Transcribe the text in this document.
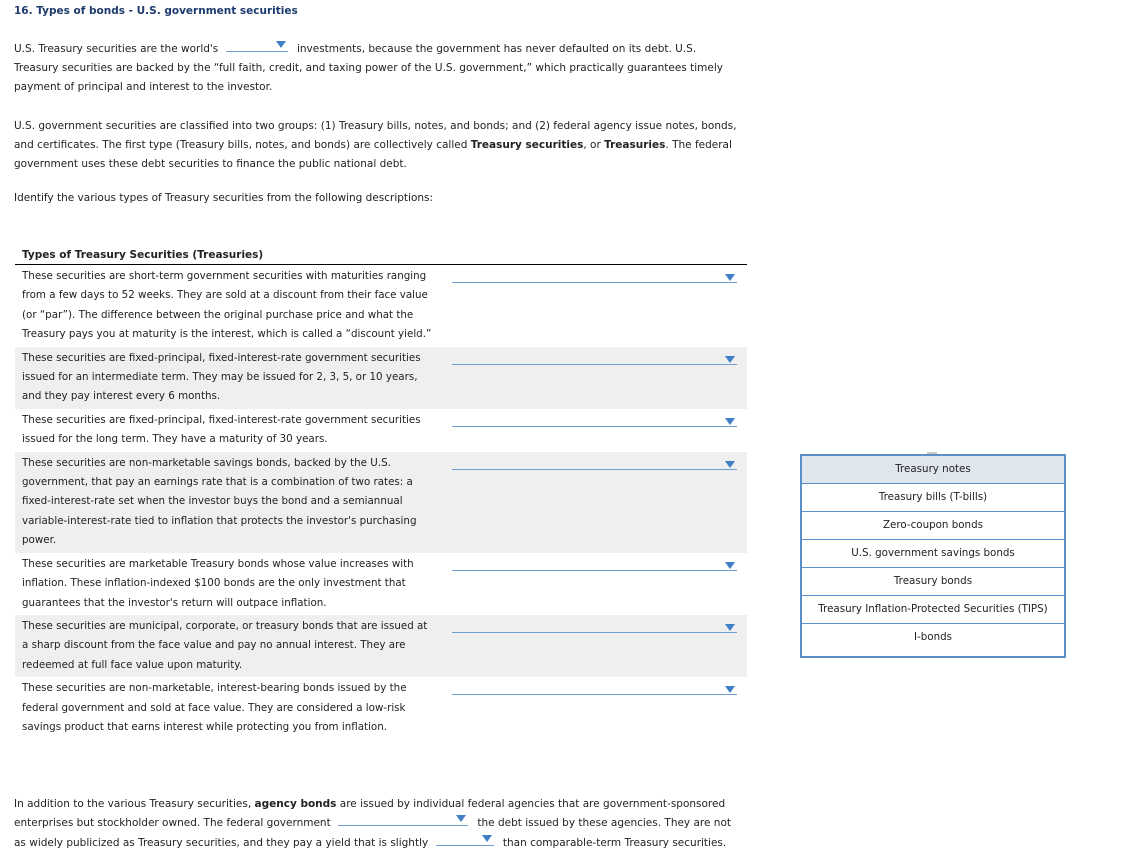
16. Types of bonds - U.S. government securities

U.S. Treasury securities are the world's	investments, because the government has never defaulted on its debt. U.S. Treasury securities are backed by the “full faith, credit, and taxing power of the U.S. government,” which practically guarantees timely payment of principal and interest to the investor.

U.S. government securities are classified into two groups: (1) Treasury bills, notes, and bonds; and (2) federal agency issue notes, bonds, and certificates. The first type (Treasury bills, notes, and bonds) are collectively called Treasury securities, or Treasuries. The federal government uses these debt securities to finance the public national debt.

Identify the various types of Treasury securities from the following descriptions:

Types of Treasury Securities (Treasuries)
These securities are short-term government securities with maturities ranging from a few days to 52 weeks. They are sold at a discount from their face value (or “par”). The difference between the original purchase price and what the Treasury pays you at maturity is the interest, which is called a “discount yield.”
These securities are fixed-principal, fixed-interest-rate government securities issued for an intermediate term. They may be issued for 2, 3, 5, or 10 years, and they pay interest every 6 months.
These securities are fixed-principal, fixed-interest-rate government securities issued for the long term. They have a maturity of 30 years.
These securities are non-marketable savings bonds, backed by the U.S. government, that pay an earnings rate that is a combination of two rates: a fixed-interest-rate set when the investor buys the bond and a semiannual variable-interest-rate tied to inflation that protects the investor's purchasing power.
These securities are marketable Treasury bonds whose value increases with inflation. These inflation-indexed $100 bonds are the only investment that guarantees that the investor's return will outpace inflation.
These securities are municipal, corporate, or treasury bonds that are issued at a sharp discount from the face value and pay no annual interest. They are redeemed at full face value upon maturity.
These securities are non-marketable, interest-bearing bonds issued by the federal government and sold at face value. They are considered a low-risk savings product that earns interest while protecting you from inflation.
Treasury notes
Treasury bills (T-bills)
Zero-coupon bonds
U.S. government savings bonds
Treasury bonds
Treasury Inflation-Protected Securities (TIPS)
I-bonds

In addition to the various Treasury securities, agency bonds are issued by individual federal agencies that are government-sponsored enterprises but stockholder owned. The federal government	the debt issued by these agencies. They are not as widely publicized as Treasury securities, and they pay a yield that is slightly	than comparable-term Treasury securities.
